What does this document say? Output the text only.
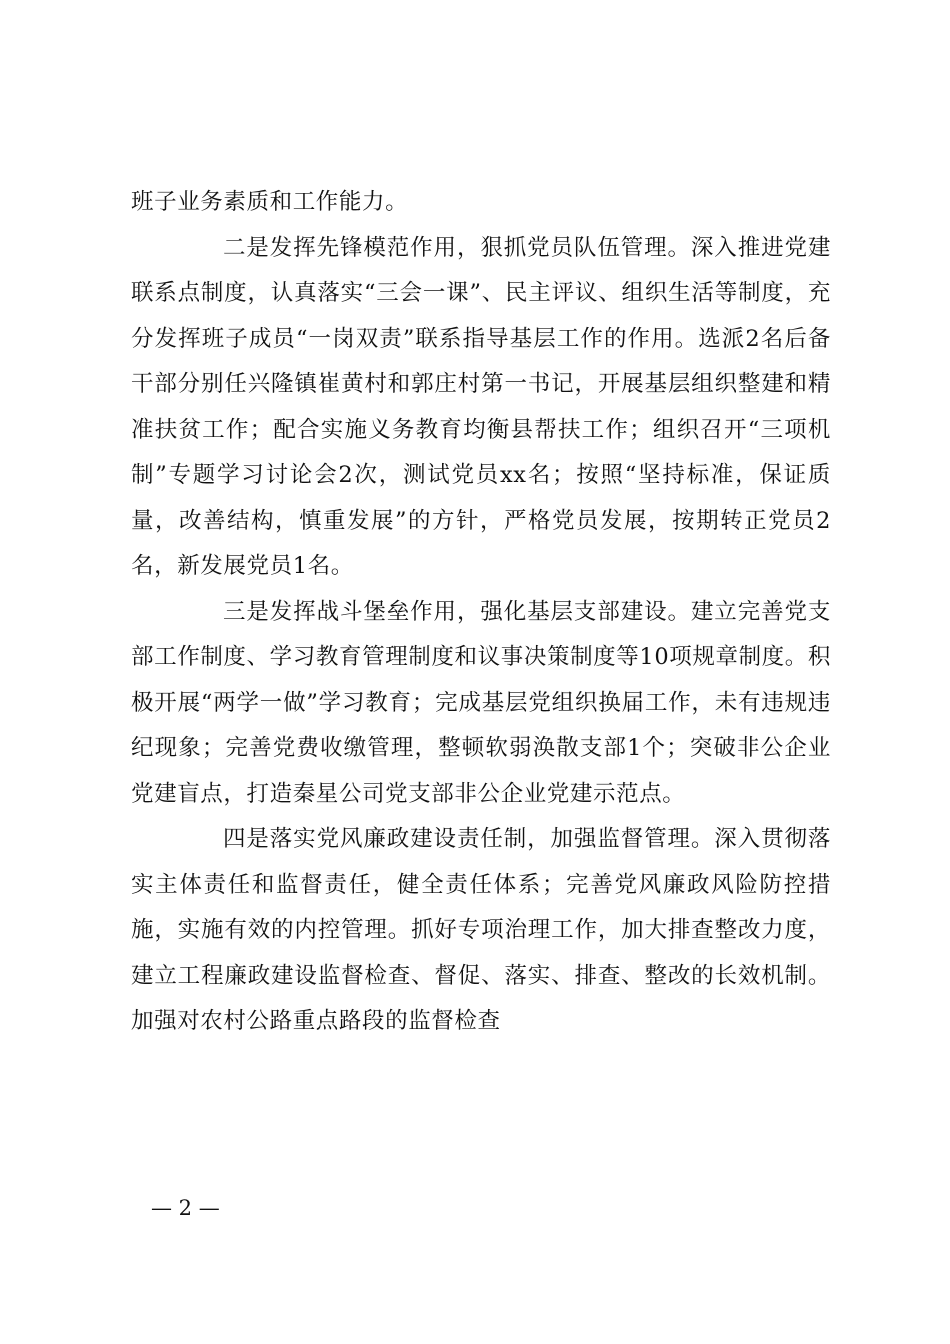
班子业务素质和工作能力。

二是发挥先锋模范作用，狠抓党员队伍管理。深入推进党建联系点制度，认真落实“三会一课”、民主评议、组织生活等制度，充分发挥班子成员“一岗双责”联系指导基层工作的作用。选派2名后备干部分别任兴隆镇崔黄村和郭庄村第一书记，开展基层组织整建和精准扶贫工作；配合实施义务教育均衡县帮扶工作；组织召开“三项机制”专题学习讨论会2次，测试党员xx名；按照“坚持标准，保证质量，改善结构，慎重发展”的方针，严格党员发展，按期转正党员2名，新发展党员1名。

三是发挥战斗堡垒作用，强化基层支部建设。建立完善党支部工作制度、学习教育管理制度和议事决策制度等10项规章制度。积极开展“两学一做”学习教育；完成基层党组织换届工作，未有违规违纪现象；完善党费收缴管理，整顿软弱涣散支部1个；突破非公企业党建盲点，打造秦星公司党支部非公企业党建示范点。

四是落实党风廉政建设责任制，加强监督管理。深入贯彻落实主体责任和监督责任，健全责任体系；完善党风廉政风险防控措施，实施有效的内控管理。抓好专项治理工作，加大排查整改力度，建立工程廉政建设监督检查、督促、落实、排查、整改的长效机制。加强对农村公路重点路段的监督检查

— 2 —
